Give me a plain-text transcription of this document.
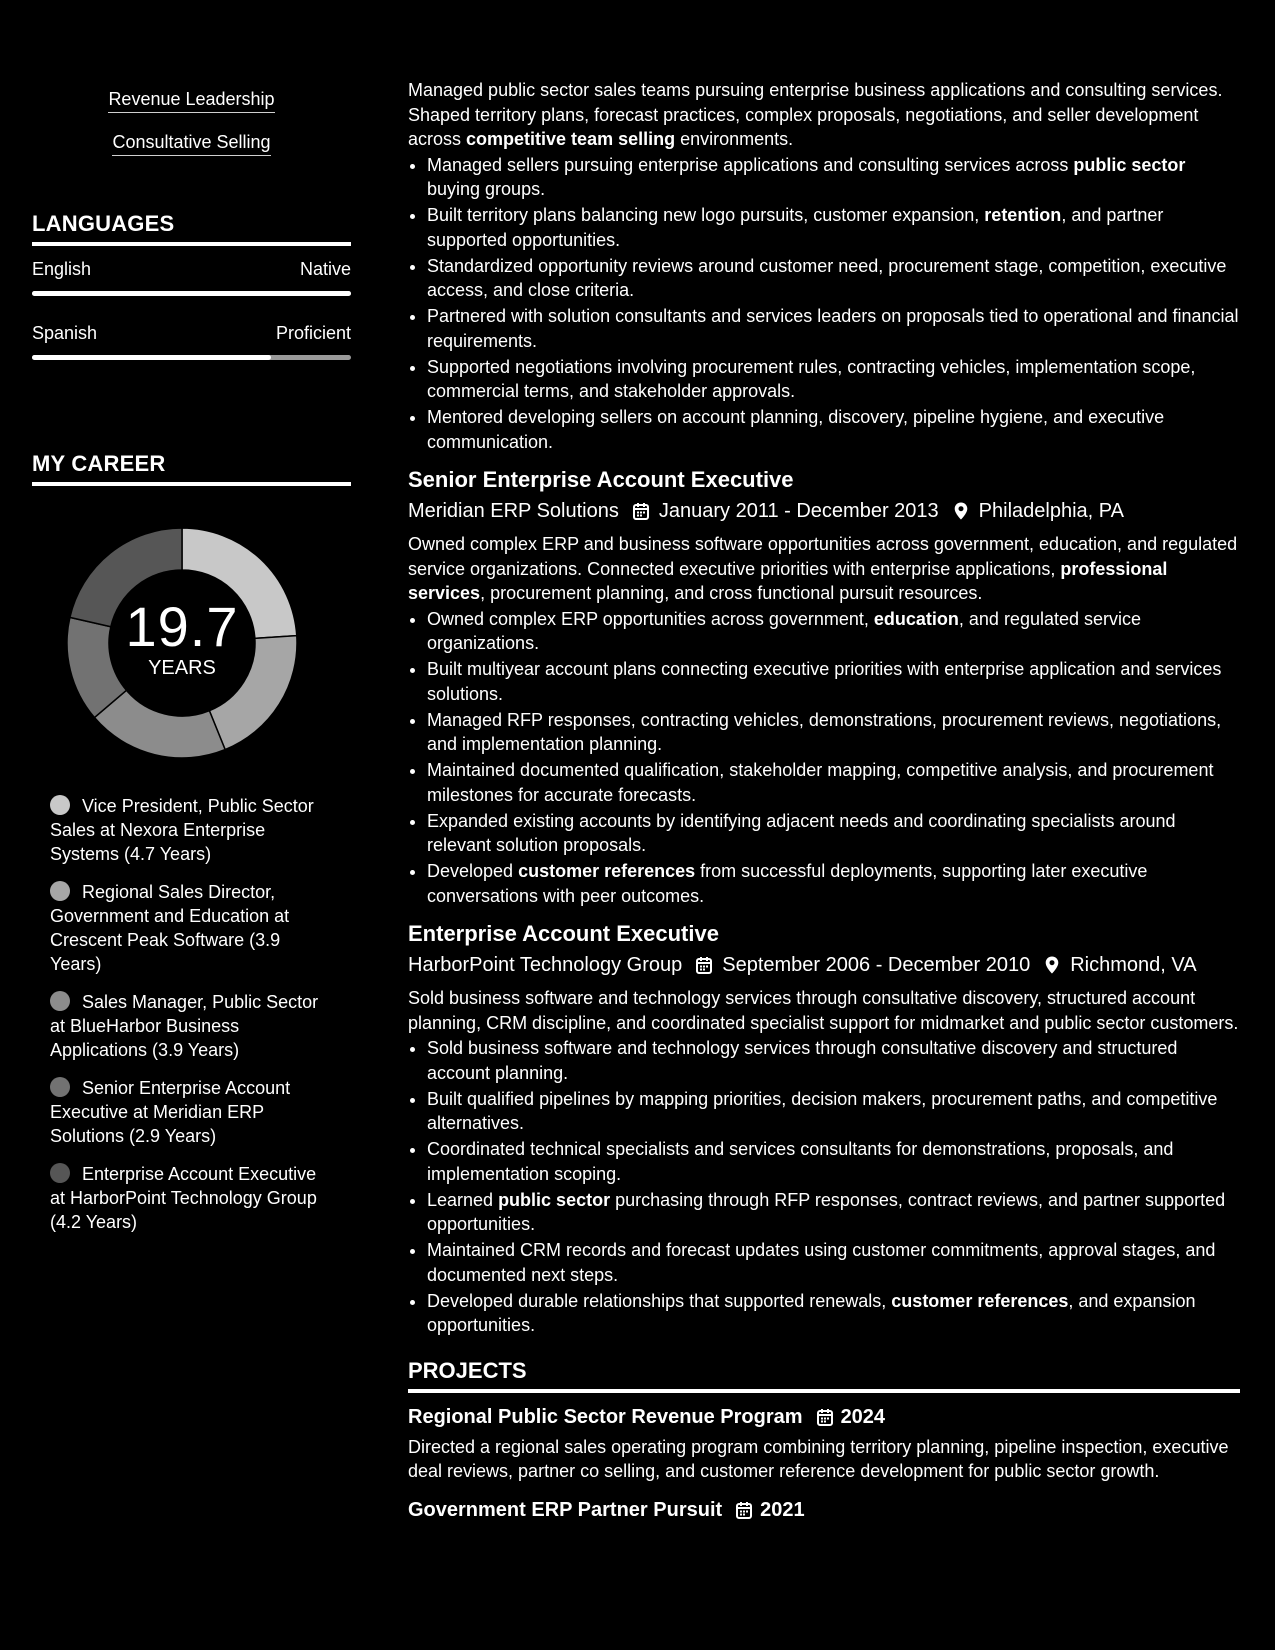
Revenue Leadership
Consultative Selling
LANGUAGES
English	Native
Spanish	Proficient
MY CAREER
19.7
YEARS
Vice President, Public Sector Sales at Nexora Enterprise Systems (4.7 Years)
Regional Sales Director, Government and Education at Crescent Peak Software (3.9 Years)
Sales Manager, Public Sector at BlueHarbor Business Applications (3.9 Years)
Senior Enterprise Account Executive at Meridian ERP Solutions (2.9 Years)
Enterprise Account Executive at HarborPoint Technology Group (4.2 Years)

Managed public sector sales teams pursuing enterprise business applications and consulting services. Shaped territory plans, forecast practices, complex proposals, negotiations, and seller development across competitive team selling environments.

• Managed sellers pursuing enterprise applications and consulting services across public sector buying groups.
• Built territory plans balancing new logo pursuits, customer expansion, retention, and partner supported opportunities.
• Standardized opportunity reviews around customer need, procurement stage, competition, executive access, and close criteria.
• Partnered with solution consultants and services leaders on proposals tied to operational and financial requirements.
• Supported negotiations involving procurement rules, contracting vehicles, implementation scope, commercial terms, and stakeholder approvals.
• Mentored developing sellers on account planning, discovery, pipeline hygiene, and executive communication.
Senior Enterprise Account Executive
Meridian ERP Solutions January 2011 - December 2013 Philadelphia, PA

Owned complex ERP and business software opportunities across government, education, and regulated service organizations. Connected executive priorities with enterprise applications, professional services, procurement planning, and cross functional pursuit resources.

• Owned complex ERP opportunities across government, education, and regulated service organizations.
• Built multiyear account plans connecting executive priorities with enterprise application and services solutions.
• Managed RFP responses, contracting vehicles, demonstrations, procurement reviews, negotiations, and implementation planning.
• Maintained documented qualification, stakeholder mapping, competitive analysis, and procurement milestones for accurate forecasts.
• Expanded existing accounts by identifying adjacent needs and coordinating specialists around relevant solution proposals.
• Developed customer references from successful deployments, supporting later executive conversations with peer outcomes.
Enterprise Account Executive
HarborPoint Technology Group September 2006 - December 2010 Richmond, VA

Sold business software and technology services through consultative discovery, structured account planning, CRM discipline, and coordinated specialist support for midmarket and public sector customers.

• Sold business software and technology services through consultative discovery and structured account planning.
• Built qualified pipelines by mapping priorities, decision makers, procurement paths, and competitive alternatives.
• Coordinated technical specialists and services consultants for demonstrations, proposals, and implementation scoping.
• Learned public sector purchasing through RFP responses, contract reviews, and partner supported opportunities.
• Maintained CRM records and forecast updates using customer commitments, approval stages, and documented next steps.
• Developed durable relationships that supported renewals, customer references, and expansion opportunities.
PROJECTS
Regional Public Sector Revenue Program 2024

Directed a regional sales operating program combining territory planning, pipeline inspection, executive deal reviews, partner co selling, and customer reference development for public sector growth.

Government ERP Partner Pursuit 2021
